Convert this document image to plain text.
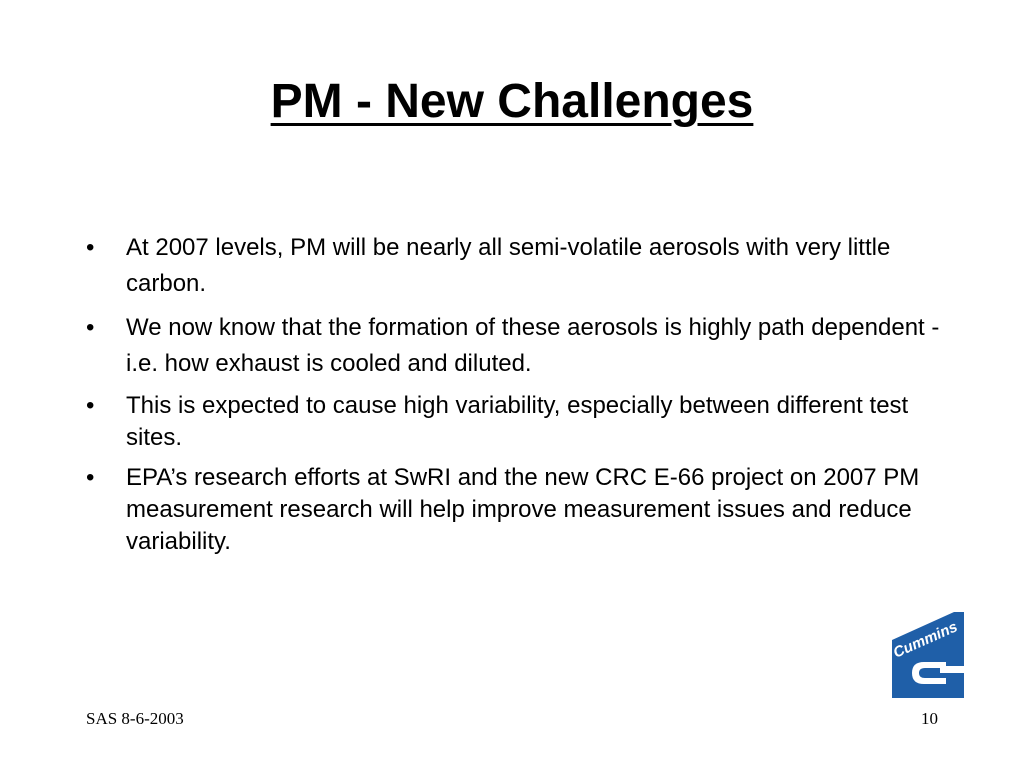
PM - New Challenges
•	At 2007 levels, PM will be nearly all semi-volatile aerosols with very little carbon.
•	We now know that the formation of these aerosols is highly path dependent - i.e. how exhaust is cooled and diluted.
•	This is expected to cause high variability, especially between different test sites.
•	EPA’s research efforts at SwRI and the new CRC E-66 project on 2007 PM measurement research will help improve measurement issues and reduce variability.
Cummins
SAS 8-6-2003	10
